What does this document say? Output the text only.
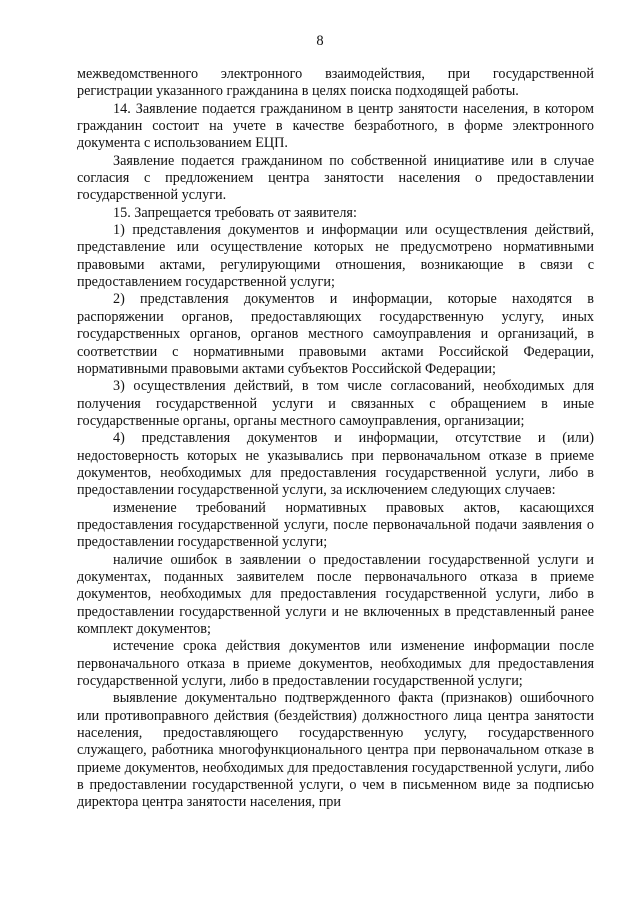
8

межведомственного электронного взаимодействия, при государственной регистрации указанного гражданина в целях поиска подходящей работы.

14. Заявление подается гражданином в центр занятости населения, в котором гражданин состоит на учете в качестве безработного, в форме электронного документа с использованием ЕЦП.

Заявление подается гражданином по собственной инициативе или в случае согласия с предложением центра занятости населения о предоставлении государственной услуги.

15. Запрещается требовать от заявителя:

1) представления документов и информации или осуществления действий, представление или осуществление которых не предусмотрено нормативными правовыми актами, регулирующими отношения, возникающие в связи с предоставлением государственной услуги;

2) представления документов и информации, которые находятся в распоряжении органов, предоставляющих государственную услугу, иных государственных органов, органов местного самоуправления и организаций, в соответствии с нормативными правовыми актами Российской Федерации, нормативными правовыми актами субъектов Российской Федерации;

3) осуществления действий, в том числе согласований, необходимых для получения государственной услуги и связанных с обращением в иные государственные органы, органы местного самоуправления, организации;

4) представления документов и информации, отсутствие и (или) недостоверность которых не указывались при первоначальном отказе в приеме документов, необходимых для предоставления государственной услуги, либо в предоставлении государственной услуги, за исключением следующих случаев:

изменение требований нормативных правовых актов, касающихся предоставления государственной услуги, после первоначальной подачи заявления о предоставлении государственной услуги;

наличие ошибок в заявлении о предоставлении государственной услуги и документах, поданных заявителем после первоначального отказа в приеме документов, необходимых для предоставления государственной услуги, либо в предоставлении государственной услуги и не включенных в представленный ранее комплект документов;

истечение срока действия документов или изменение информации после первоначального отказа в приеме документов, необходимых для предоставления государственной услуги, либо в предоставлении государственной услуги;

выявление документально подтвержденного факта (признаков) ошибочного или противоправного действия (бездействия) должностного лица центра занятости населения, предоставляющего государственную услугу, государственного служащего, работника многофункционального центра при первоначальном отказе в приеме документов, необходимых для предоставления государственной услуги, либо в предоставлении государственной услуги, о чем в письменном виде за подписью директора центра занятости населения, при
